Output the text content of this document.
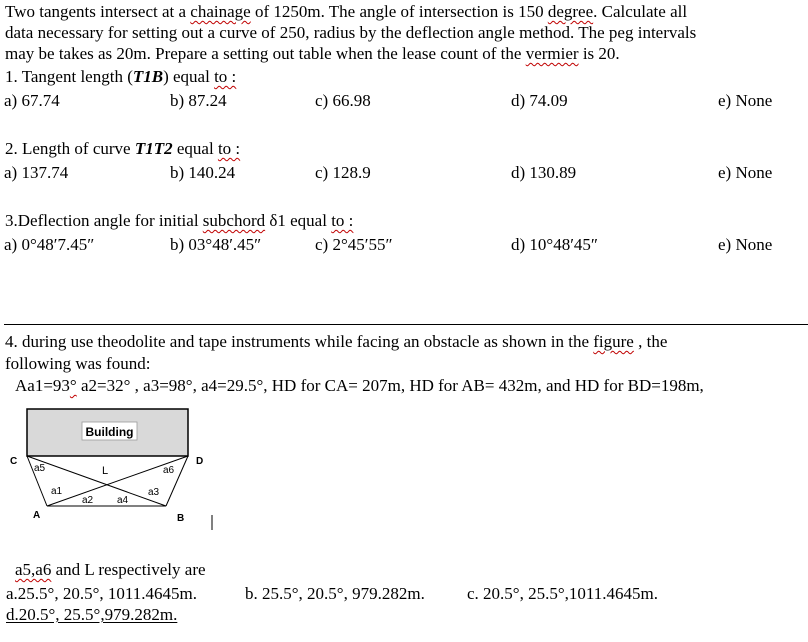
Two tangents intersect at a chainage of 1250m. The angle of intersection is 150 degree. Calculate all
data necessary for setting out a curve of 250, radius by the deflection angle method. The peg intervals
may be takes as 20m. Prepare a setting out table when the lease count of the vermier is 20.
1. Tangent length (T1B) equal to :
a) 67.74	b) 87.24	c) 66.98	d) 74.09	e) None
2. Length of curve T1T2 equal to :
a) 137.74	b) 140.24	c) 128.9	d) 130.89	e) None
3.Deflection angle for initial subchord δ1 equal to :
a) 0°48′7.45″	b) 03°48′.45″	c) 2°45′55″	d) 10°48′45″	e) None
4. during use theodolite and tape instruments while facing an obstacle as shown in the figure , the
following was found:
Aa1=93° a2=32° , a3=98°, a4=29.5°, HD for CA= 207m, HD for AB= 432m, and HD for BD=198m,
Building
C	D
A	B
L
a5	a6
a1
a2 a4
a3
a5,a6 and L respectively are
a.25.5°, 20.5°, 1011.4645m.	b. 25.5°, 20.5°, 979.282m. c. 20.5°, 25.5°,1011.4645m.
d.20.5°, 25.5°,979.282m.
